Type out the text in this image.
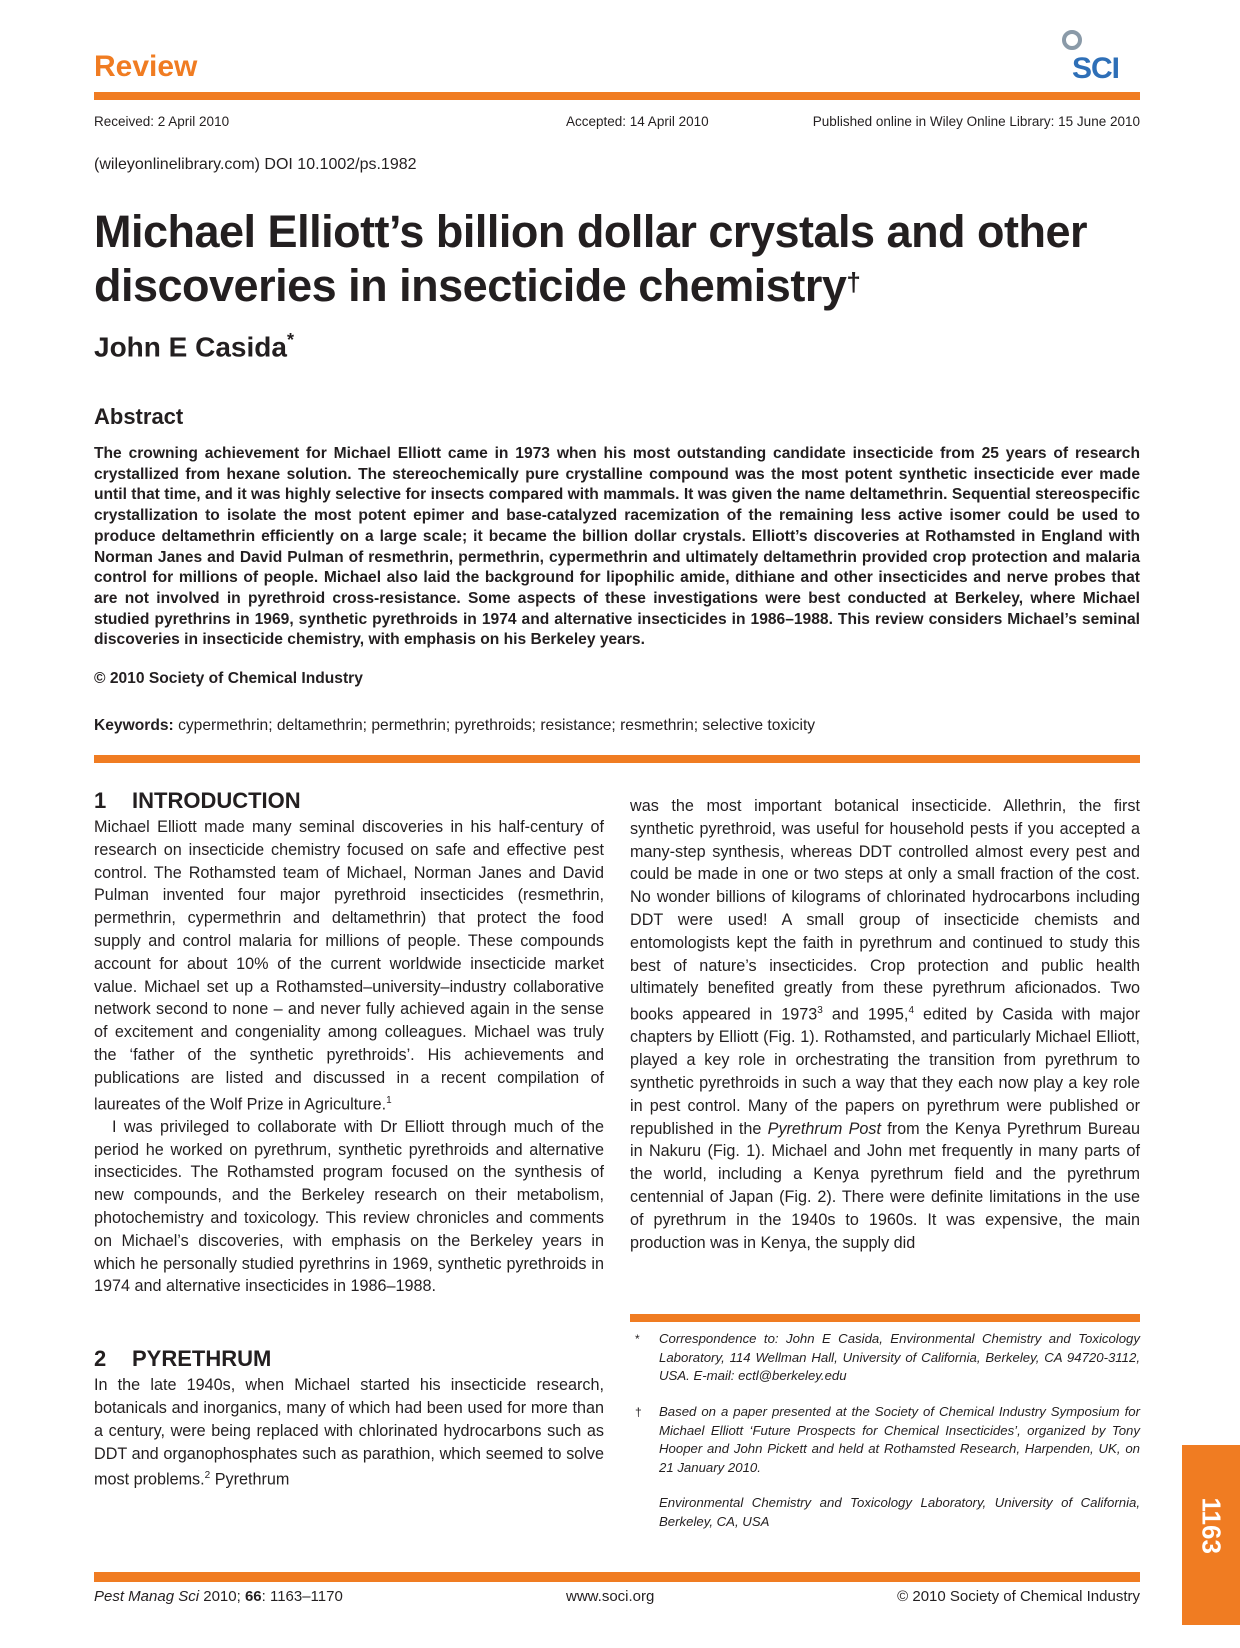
Review	SCI
Received: 2 April 2010	Accepted: 14 April 2010	Published online in Wiley Online Library: 15 June 2010
(wileyonlinelibrary.com) DOI 10.1002/ps.1982
Michael Elliott’s billion dollar crystals and other discoveries in insecticide chemistry†
John E Casida*
Abstract
The crowning achievement for Michael Elliott came in 1973 when his most outstanding candidate insecticide from 25 years of research crystallized from hexane solution. The stereochemically pure crystalline compound was the most potent synthetic insecticide ever made until that time, and it was highly selective for insects compared with mammals. It was given the name deltamethrin. Sequential stereospecific crystallization to isolate the most potent epimer and base-catalyzed racemization of the remaining less active isomer could be used to produce deltamethrin efficiently on a large scale; it became the billion dollar crystals. Elliott’s discoveries at Rothamsted in England with Norman Janes and David Pulman of resmethrin, permethrin, cypermethrin and ultimately deltamethrin provided crop protection and malaria control for millions of people. Michael also laid the background for lipophilic amide, dithiane and other insecticides and nerve probes that are not involved in pyrethroid cross-resistance. Some aspects of these investigations were best conducted at Berkeley, where Michael studied pyrethrins in 1969, synthetic pyrethroids in 1974 and alternative insecticides in 1986–1988. This review considers Michael’s seminal discoveries in insecticide chemistry, with emphasis on his Berkeley years.
© 2010 Society of Chemical Industry
Keywords: cypermethrin; deltamethrin; permethrin; pyrethroids; resistance; resmethrin; selective toxicity
1 INTRODUCTION

Michael Elliott made many seminal discoveries in his half-century of research on insecticide chemistry focused on safe and effective pest control. The Rothamsted team of Michael, Norman Janes and David Pulman invented four major pyrethroid insecticides (resmethrin, permethrin, cypermethrin and deltamethrin) that protect the food supply and control malaria for millions of people. These compounds account for about 10% of the current worldwide insecticide market value. Michael set up a Rothamsted–university–industry collaborative network second to none – and never fully achieved again in the sense of excitement and congeniality among colleagues. Michael was truly the ‘father of the synthetic pyrethroids’. His achievements and publications are listed and discussed in a recent compilation of laureates of the Wolf Prize in Agriculture.$^1$

I was privileged to collaborate with Dr Elliott through much of the period he worked on pyrethrum, synthetic pyrethroids and alternative insecticides. The Rothamsted program focused on the synthesis of new compounds, and the Berkeley research on their metabolism, photochemistry and toxicology. This review chronicles and comments on Michael’s discoveries, with emphasis on the Berkeley years in which he personally studied pyrethrins in 1969, synthetic pyrethroids in 1974 and alternative insecticides in 1986–1988.

2 PYRETHRUM

In the late 1940s, when Michael started his insecticide research, botanicals and inorganics, many of which had been used for more than a century, were being replaced with chlorinated hydrocarbons such as DDT and organophosphates such as parathion, which seemed to solve most problems.$^2$ Pyrethrum

was the most important botanical insecticide. Allethrin, the first synthetic pyrethroid, was useful for household pests if you accepted a many-step synthesis, whereas DDT controlled almost every pest and could be made in one or two steps at only a small fraction of the cost. No wonder billions of kilograms of chlorinated hydrocarbons including DDT were used! A small group of insecticide chemists and entomologists kept the faith in pyrethrum and continued to study this best of nature’s insecticides. Crop protection and public health ultimately benefited greatly from these pyrethrum aficionados. Two books appeared in 1973$^3$ and 1995,$^4$ edited by Casida with major chapters by Elliott (Fig. 1). Rothamsted, and particularly Michael Elliott, played a key role in orchestrating the transition from pyrethrum to synthetic pyrethroids in such a way that they each now play a key role in pest control. Many of the papers on pyrethrum were published or republished in the Pyrethrum Post from the Kenya Pyrethrum Bureau in Nakuru (Fig. 1). Michael and John met frequently in many parts of the world, including a Kenya pyrethrum field and the pyrethrum centennial of Japan (Fig. 2). There were definite limitations in the use of pyrethrum in the 1940s to 1960s. It was expensive, the main production was in Kenya, the supply did

* Correspondence to: John E Casida, Environmental Chemistry and Toxicology Laboratory, 114 Wellman Hall, University of California, Berkeley, CA 94720-3112, USA. E-mail: ectl@berkeley.edu
† Based on a paper presented at the Society of Chemical Industry Symposium for Michael Elliott ‘Future Prospects for Chemical Insecticides’, organized by Tony Hooper and John Pickett and held at Rothamsted Research, Harpenden, UK, on 21 January 2010.
Environmental Chemistry and Toxicology Laboratory, University of California, Berkeley, CA, USA	1163
Pest Manag Sci 2010; 66: 1163–1170	www.soci.org	© 2010 Society of Chemical Industry
